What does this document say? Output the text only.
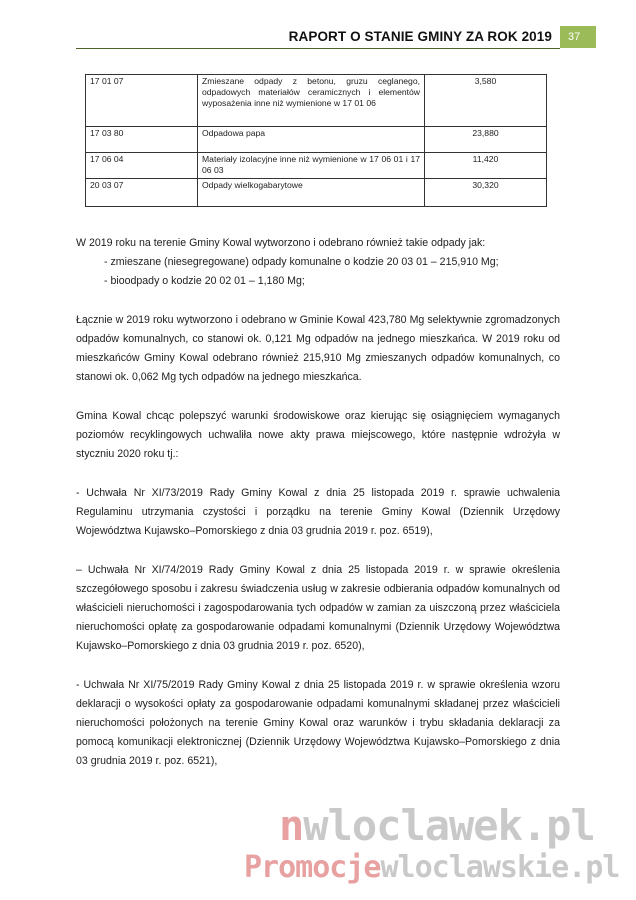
RAPORT O STANIE GMINY ZA ROK 2019	37
17 01 07	Zmieszane odpady z betonu, gruzu ceglanego, odpadowych materiałów ceramicznych i elementów wyposażenia inne niż wymienione w 17 01 06	3,580
17 03 80	Odpadowa papa	23,880
17 06 04	Materiały izolacyjne inne niż wymienione w 17 06 01 i 17 06 03	11,420
20 03 07	Odpady wielkogabarytowe	30,320

W 2019 roku na terenie Gminy Kowal wytworzono i odebrano również takie odpady jak:

- zmieszane (niesegregowane) odpady komunalne o kodzie 20 03 01 – 215,910 Mg;

- bioodpady o kodzie 20 02 01 – 1,180 Mg;

Łącznie w 2019 roku wytworzono i odebrano w Gminie Kowal 423,780 Mg selektywnie zgromadzonych odpadów komunalnych, co stanowi ok. 0,121 Mg odpadów na jednego mieszkańca. W 2019 roku od mieszkańców Gminy Kowal odebrano również 215,910 Mg zmieszanych odpadów komunalnych, co stanowi ok. 0,062 Mg tych odpadów na jednego mieszkańca.

Gmina Kowal chcąc polepszyć warunki środowiskowe oraz kierując się osiągnięciem wymaganych poziomów recyklingowych uchwaliła nowe akty prawa miejscowego, które następnie wdrożyła w styczniu 2020 roku tj.:

- Uchwała Nr XI/73/2019 Rady Gminy Kowal z dnia 25 listopada 2019 r. sprawie uchwalenia Regulaminu utrzymania czystości i porządku na terenie Gminy Kowal (Dziennik Urzędowy Województwa Kujawsko–Pomorskiego z dnia 03 grudnia 2019 r. poz. 6519),

– Uchwała Nr XI/74/2019 Rady Gminy Kowal z dnia 25 listopada 2019 r. w sprawie określenia szczegółowego sposobu i zakresu świadczenia usług w zakresie odbierania odpadów komunalnych od właścicieli nieruchomości i zagospodarowania tych odpadów w zamian za uiszczoną przez właściciela nieruchomości opłatę za gospodarowanie odpadami komunalnymi (Dziennik Urzędowy Województwa Kujawsko–Pomorskiego z dnia 03 grudnia 2019 r. poz. 6520),

- Uchwała Nr XI/75/2019 Rady Gminy Kowal z dnia 25 listopada 2019 r. w sprawie określenia wzoru deklaracji o wysokości opłaty za gospodarowanie odpadami komunalnymi składanej przez właścicieli nieruchomości położonych na terenie Gminy Kowal oraz warunków i trybu składania deklaracji za pomocą komunikacji elektronicznej (Dziennik Urzędowy Województwa Kujawsko–Pomorskiego z dnia 03 grudnia 2019 r. poz. 6521),

nwloclawek.pl
Promocjewloclawskie.pl
